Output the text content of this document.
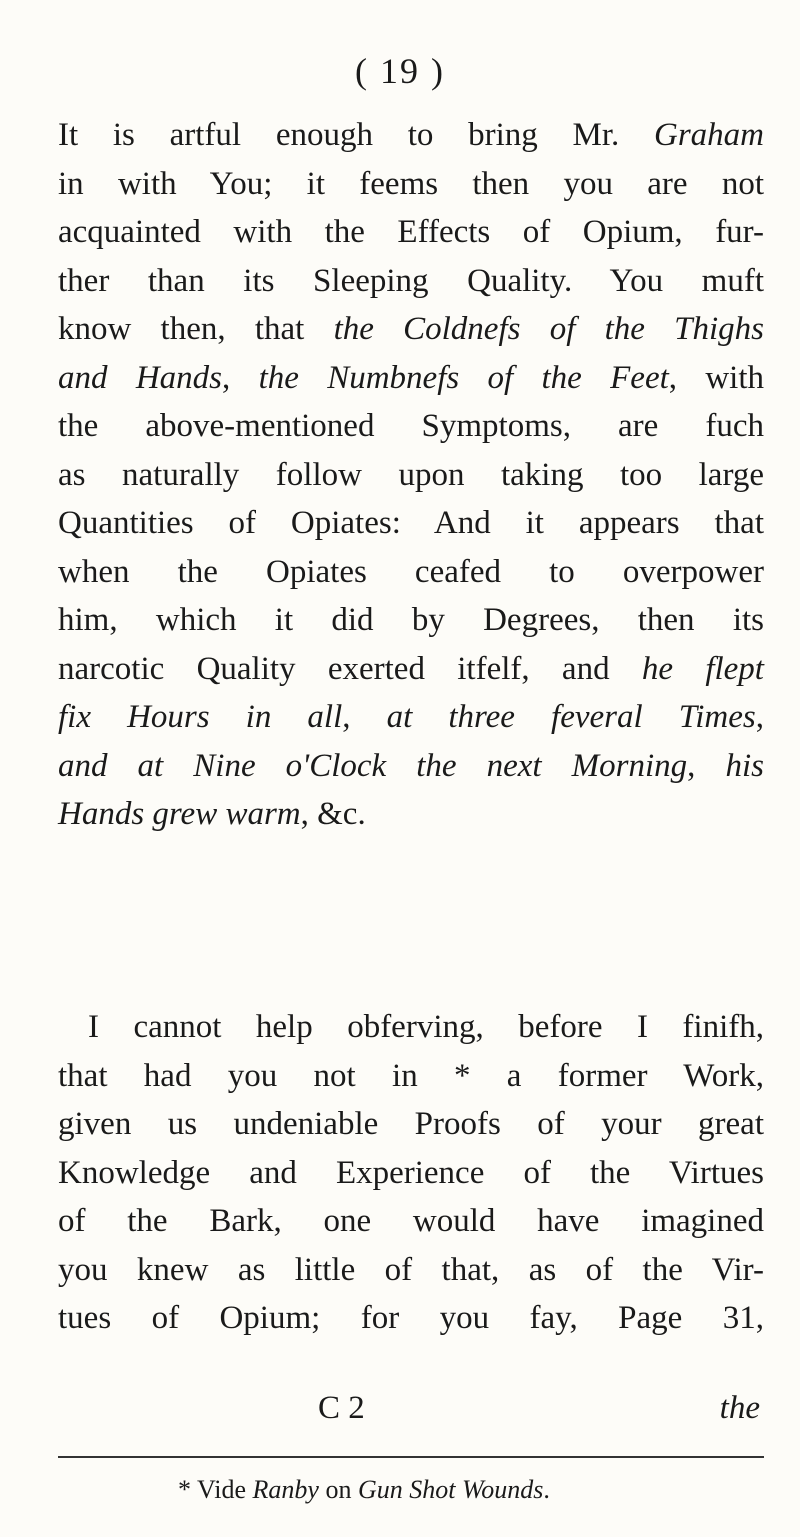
( 19 )
It is artful enough to bring Mr. Graham
in with You; it feems then you are not
acquainted with the Effects of Opium, fur-
ther than its Sleeping Quality. You muft
know then, that the Coldnefs of the Thighs
and Hands, the Numbnefs of the Feet, with
the above-mentioned Symptoms, are fuch
as naturally follow upon taking too large
Quantities of Opiates: And it appears that
when the Opiates ceafed to overpower
him, which it did by Degrees, then its
narcotic Quality exerted itfelf, and he flept
fix Hours in all, at three feveral Times,
and at Nine o'Clock the next Morning, his
Hands grew warm, &c.
I cannot help obferving, before I finifh,
that had you not in * a former Work,
given us undeniable Proofs of your great
Knowledge and Experience of the Virtues
of the Bark, one would have imagined
you knew as little of that, as of the Vir-
tues of Opium; for you fay, Page 31,
C 2	the
* Vide Ranby on Gun Shot Wounds.
